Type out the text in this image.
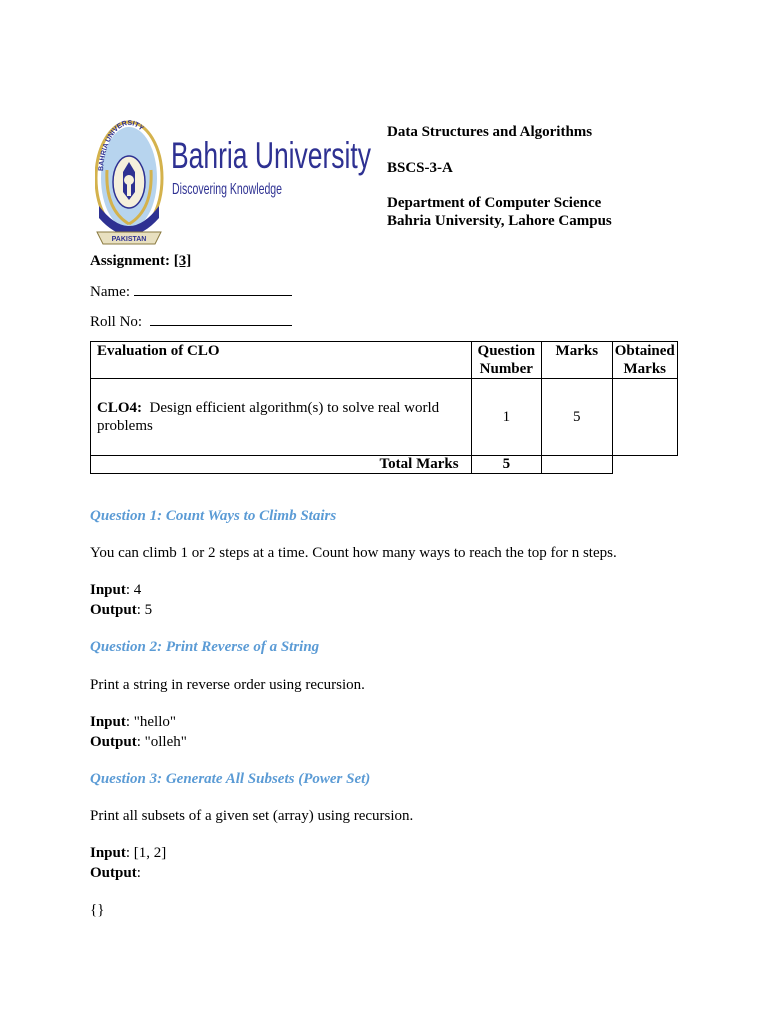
PAKISTAN
BAHRIA UNIVERSITY
Bahria University
Discovering Knowledge
Data Structures and Algorithms
BSCS-3-A
Department of Computer Science
Bahria University, Lahore Campus
Assignment: [3]
Name:
Roll No:
Evaluation of CLO	Question Number	Marks	Obtained Marks
CLO4: Design efficient algorithm(s) to solve real world problems	1	5	
Total Marks	5		
Question 1: Count Ways to Climb Stairs
You can climb 1 or 2 steps at a time. Count how many ways to reach the top for n steps.
Input: 4
Output: 5
Question 2: Print Reverse of a String
Print a string in reverse order using recursion.
Input: "hello"
Output: "olleh"
Question 3: Generate All Subsets (Power Set)
Print all subsets of a given set (array) using recursion.
Input: [1, 2]
Output:
{}
